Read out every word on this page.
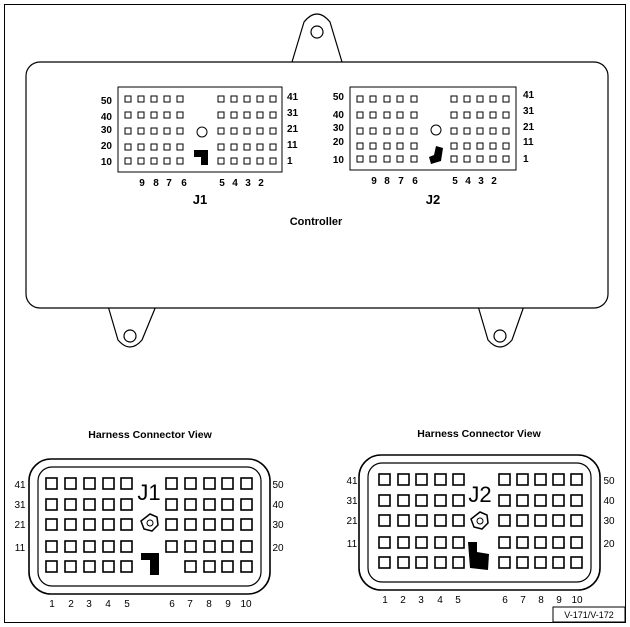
50
40
30
20
10
41
31
21
11
1
9 8 7 6	5 4 3 2
J1
50
40
30
20
10
41
31
21
11
1
9 8 7 6	5 4 3 2
J2
Controller
Harness Connector View
J1
41
31
21
11
50
40
30
20
1 2 3 4 5	6 7 8 9 10
Harness Connector View
J2
41
31
21
11
50
40
30
20
1 2 3 4 5	6 7 8 9 10
V-171/V-172
